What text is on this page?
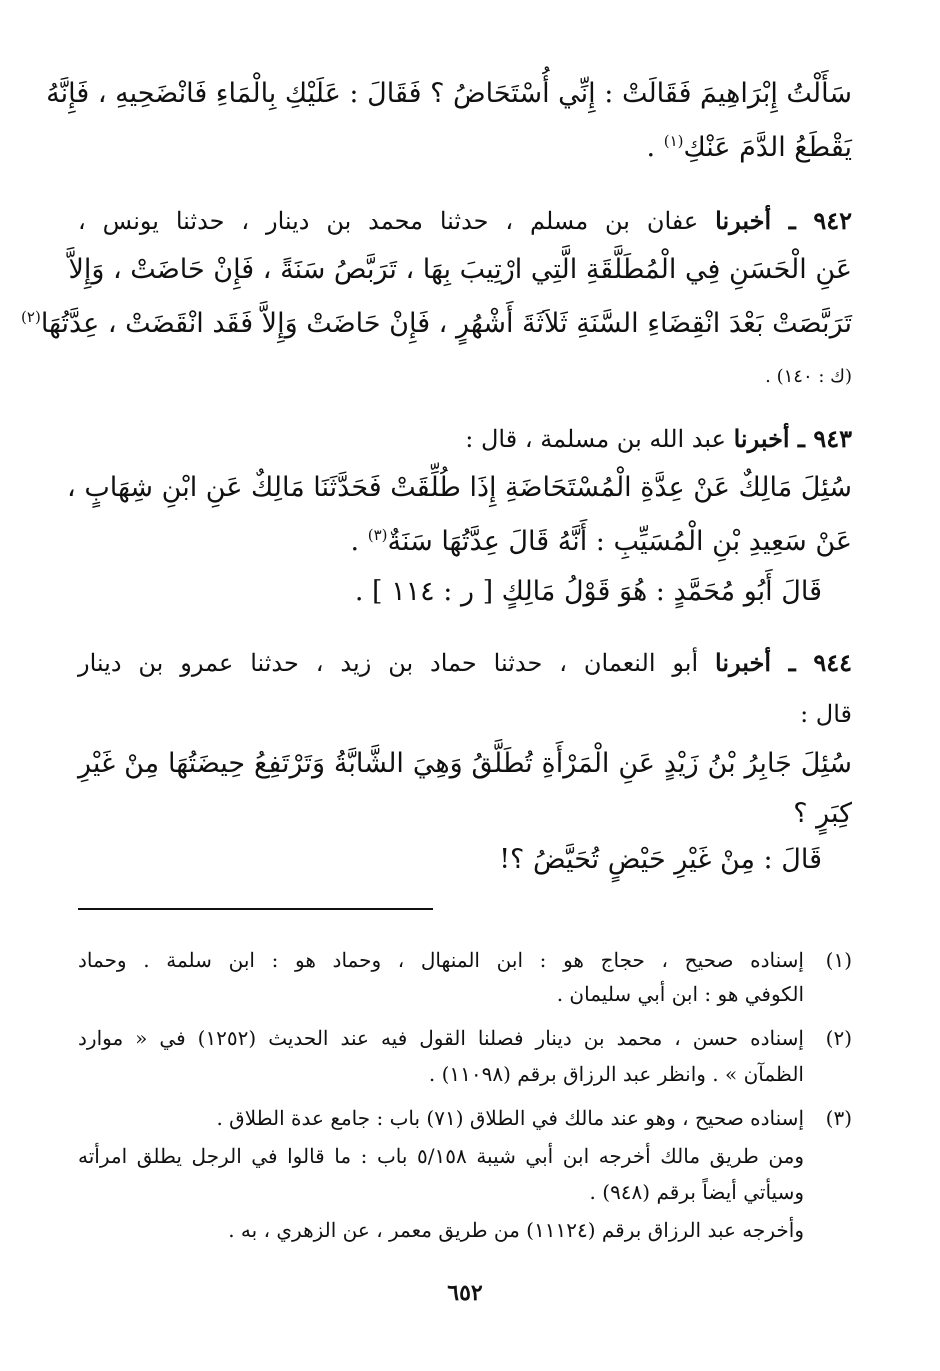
سَأَلْتُ إِبْرَاهِيمَ فَقَالَتْ : إِنِّي أُسْتَحَاضُ ؟ فَقَالَ : عَلَيْكِ بِالْمَاءِ فَانْضَحِيهِ ، فَإِنَّهُ
يَقْطَعُ الدَّمَ عَنْكِ$^{(١)}$ .
٩٤٢ ـ أخبرنا عفان بن مسلم ، حدثنا محمد بن دينار ، حدثنا يونس ،
عَنِ الْحَسَنِ فِي الْمُطَلَّقَةِ الَّتِي ارْتِيبَ بِهَا ، تَرَبَّصُ سَنَةً ، فَإِنْ حَاضَتْ ، وَإِلاَّ
تَرَبَّصَتْ بَعْدَ انْقِضَاءِ السَّنَةِ ثَلاَثَةَ أَشْهُرٍ ، فَإِنْ حَاضَتْ وَإِلاَّ فَقَد انْقَضَتْ ، عِدَّتُهَا$^{(٢)}$
(ك : ١٤٠) .
٩٤٣ ـ أخبرنا عبد الله بن مسلمة ، قال :
سُئِلَ مَالِكٌ عَنْ عِدَّةِ الْمُسْتَحَاضَةِ إِذَا طُلِّقَتْ فَحَدَّثَنَا مَالِكٌ عَنِ ابْنِ شِهَابٍ ،
عَنْ سَعِيدِ بْنِ الْمُسَيِّبِ : أَنَّهُ قَالَ عِدَّتُهَا سَنَةٌ$^{(٣)}$ .
قَالَ أَبُو مُحَمَّدٍ : هُوَ قَوْلُ مَالِكٍ [ ر : ١١٤ ] .
٩٤٤ ـ أخبرنا أبو النعمان ، حدثنا حماد بن زيد ، حدثنا عمرو بن دينار
قال :
سُئِلَ جَابِرُ بْنُ زَيْدٍ عَنِ الْمَرْأَةِ تُطَلَّقُ وَهِيَ الشَّابَّةُ وَتَرْتَفِعُ حِيضَتُهَا مِنْ غَيْرِ
كِبَرٍ ؟
قَالَ : مِنْ غَيْرِ حَيْضٍ تُحَيَّضُ ؟!
(١)إسناده صحيح ، حجاج هو : ابن المنهال ، وحماد هو : ابن سلمة . وحماد
الكوفي هو : ابن أبي سليمان .
(٢)إسناده حسن ، محمد بن دينار فصلنا القول فيه عند الحديث (١٢٥٢) في « موارد
الظمآن » . وانظر عبد الرزاق برقم (١١٠٩٨) .
(٣)إسناده صحيح ، وهو عند مالك في الطلاق (٧١) باب : جامع عدة الطلاق .
ومن طريق مالك أخرجه ابن أبي شيبة ٥/١٥٨ باب : ما قالوا في الرجل يطلق امرأته
وسيأتي أيضاً برقم (٩٤٨) .
وأخرجه عبد الرزاق برقم (١١١٢٤) من طريق معمر ، عن الزهري ، به .
٦٥٢
